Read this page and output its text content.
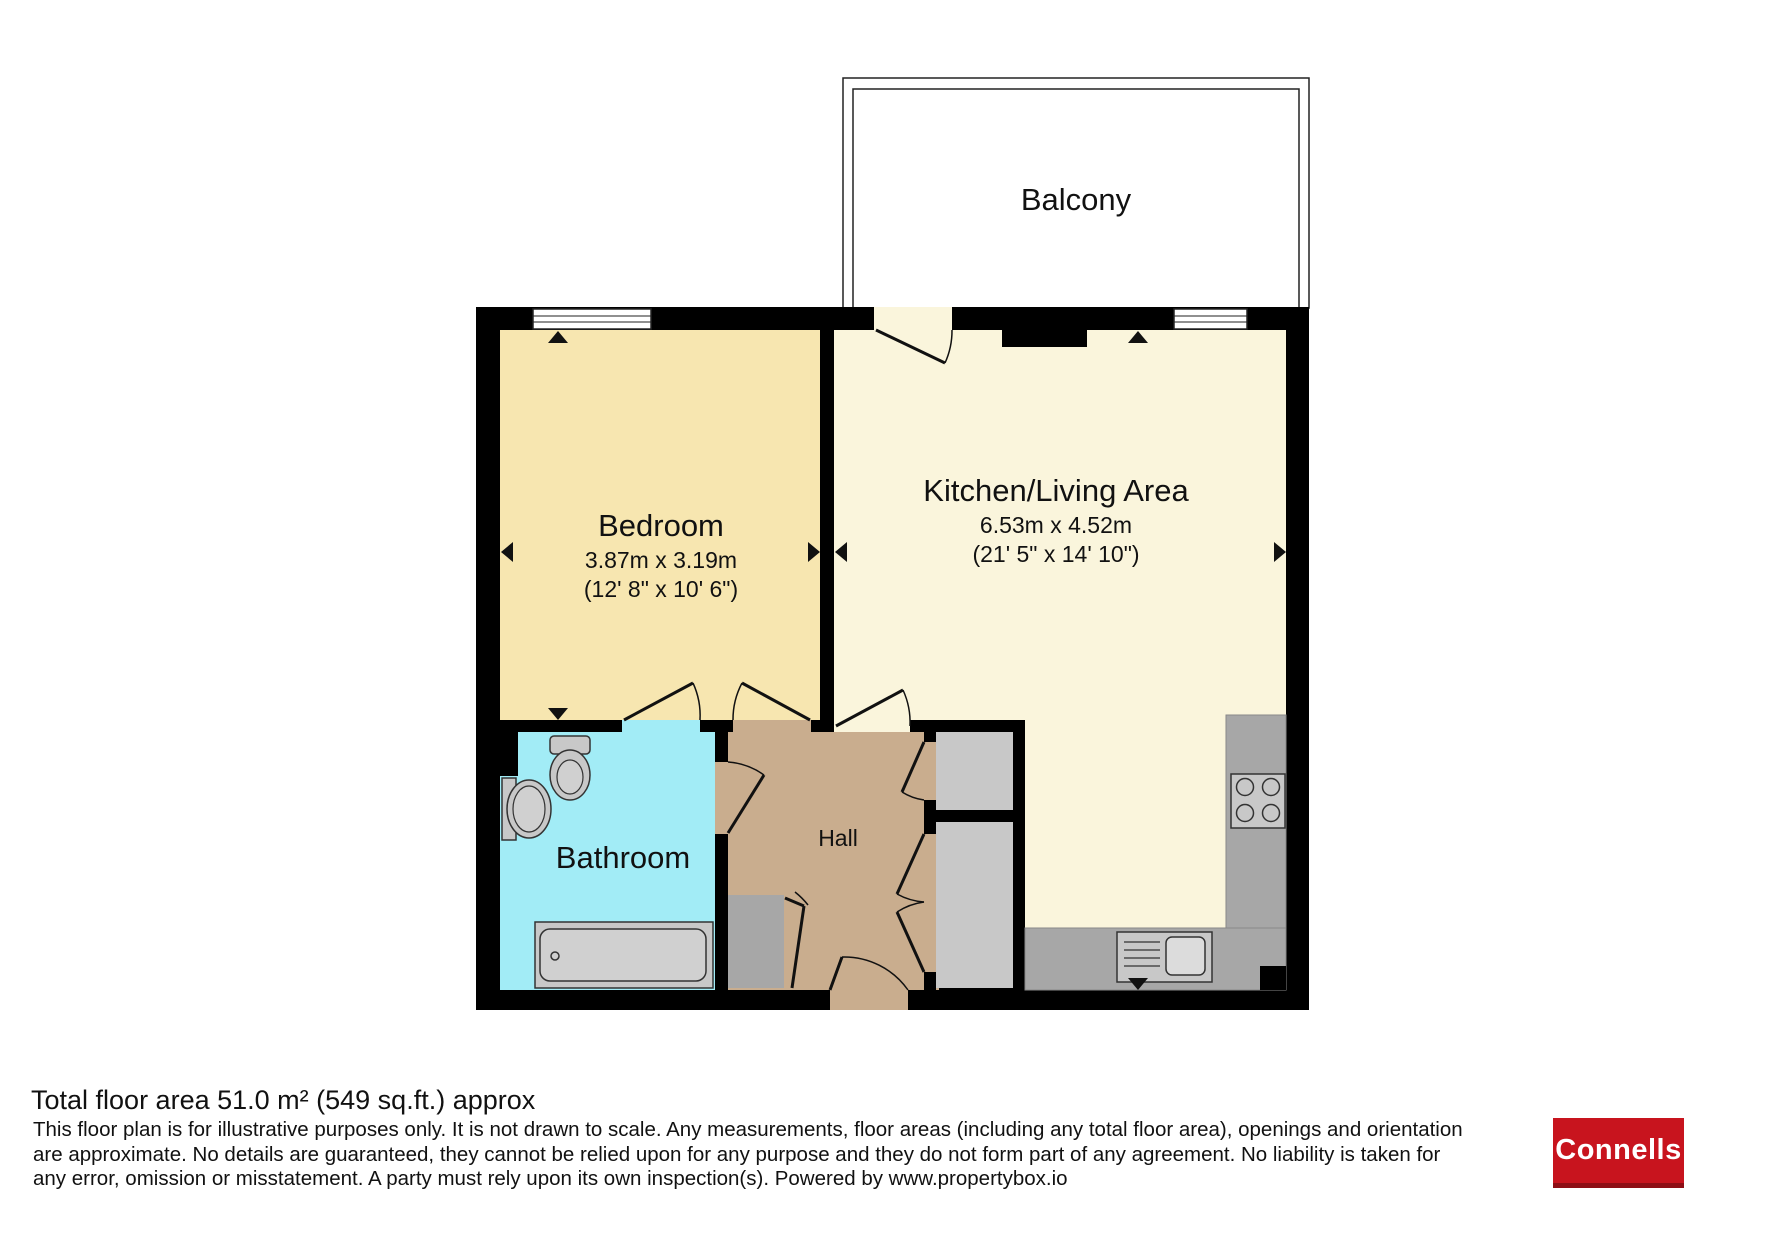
Balcony
Bedroom
3.87m x 3.19m
(12' 8" x 10' 6")
Kitchen/Living Area
6.53m x 4.52m
(21' 5" x 14' 10")
Hall
Bathroom
Total floor area 51.0 m² (549 sq.ft.) approx
This floor plan is for illustrative purposes only. It is not drawn to scale. Any measurements, floor areas (including any total floor area), openings and orientation are approximate. No details are guaranteed, they cannot be relied upon for any purpose and they do not form part of any agreement. No liability is taken for any error, omission or misstatement. A party must rely upon its own inspection(s). Powered by www.propertybox.io
Connells
